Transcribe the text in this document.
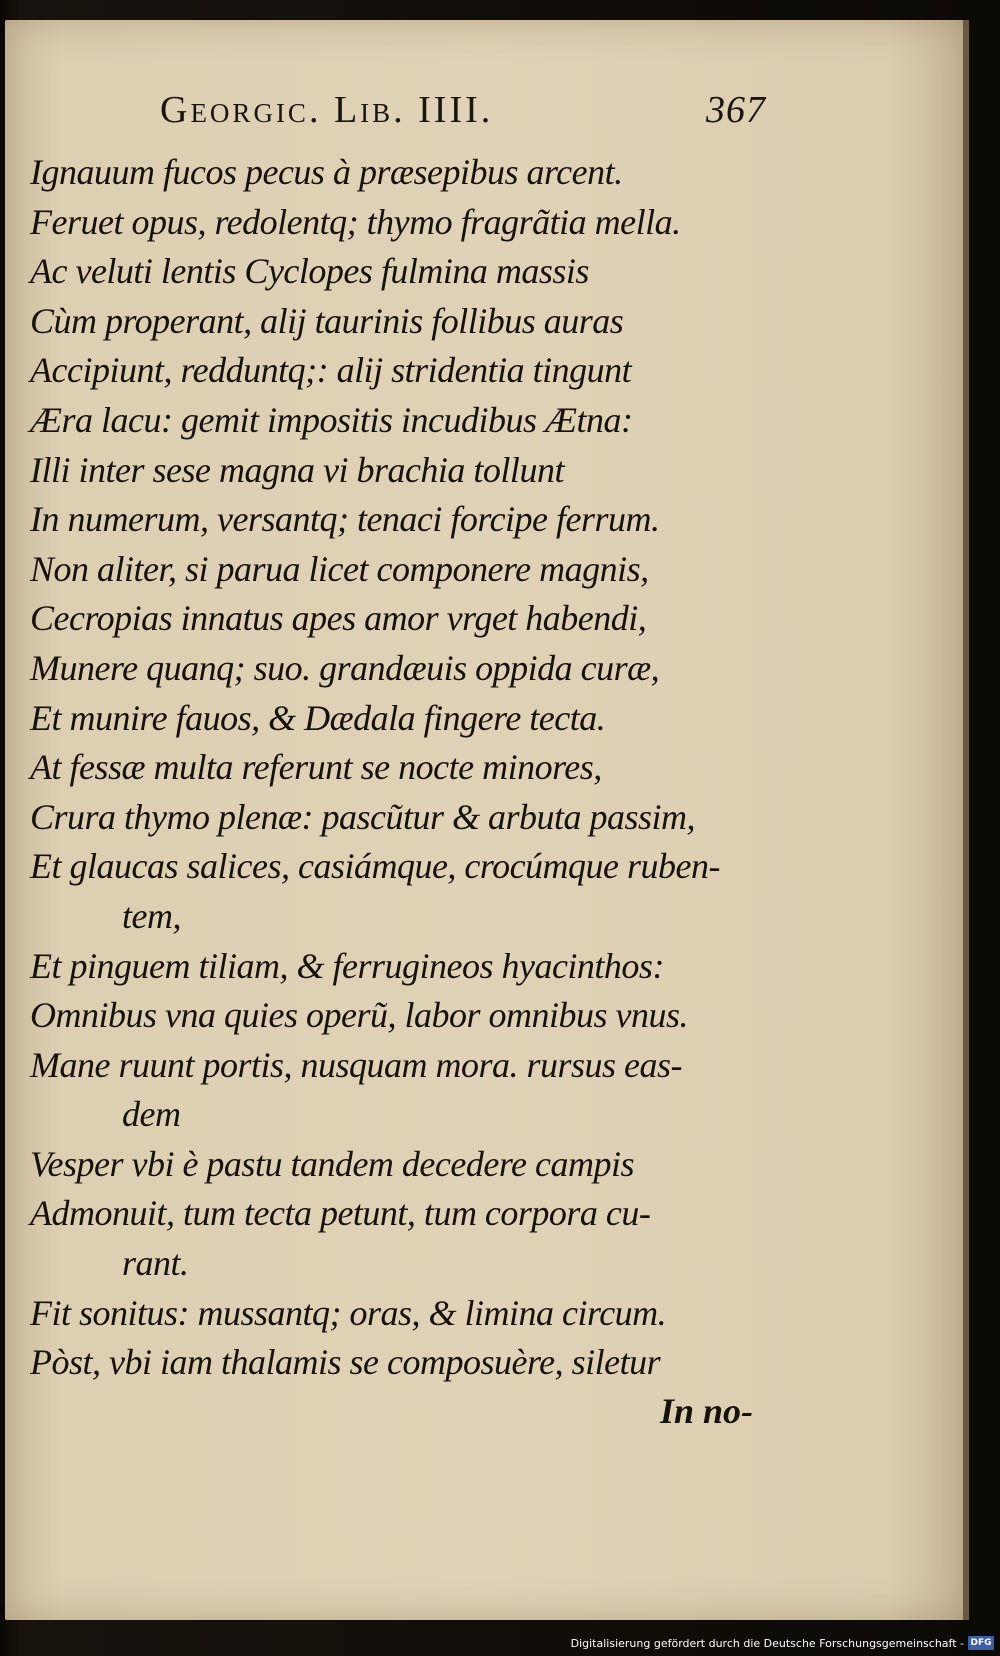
Georgic. Lib. IIII.	367
Ignauum fucos pecus à præsepibus arcent.
Feruet opus, redolentq; thymo fragrãtia mella.
Ac veluti lentis Cyclopes fulmina massis
Cùm properant, alij taurinis follibus auras
Accipiunt, redduntq;: alij stridentia tingunt
Æra lacu: gemit impositis incudibus Ætna:
Illi inter sese magna vi brachia tollunt
In numerum, versantq; tenaci forcipe ferrum.
Non aliter, si parua licet componere magnis,
Cecropias innatus apes amor vrget habendi,
Munere quanq; suo. grandæuis oppida curæ,
Et munire fauos, & Dædala fingere tecta.
At fessæ multa referunt se nocte minores,
Crura thymo plenæ: pascũtur & arbuta passim,
Et glaucas salices, casiámque, crocúmque ruben-
tem,
Et pinguem tiliam, & ferrugineos hyacinthos:
Omnibus vna quies operũ, labor omnibus vnus.
Mane ruunt portis, nusquam mora. rursus eas-
dem
Vesper vbi è pastu tandem decedere campis
Admonuit, tum tecta petunt, tum corpora cu-
rant.
Fit sonitus: mussantq; oras, & limina circum.
Pòst, vbi iam thalamis se composuère, siletur
In no-
Digitalisierung gefördert durch die Deutsche Forschungsgemeinschaft - DFG
